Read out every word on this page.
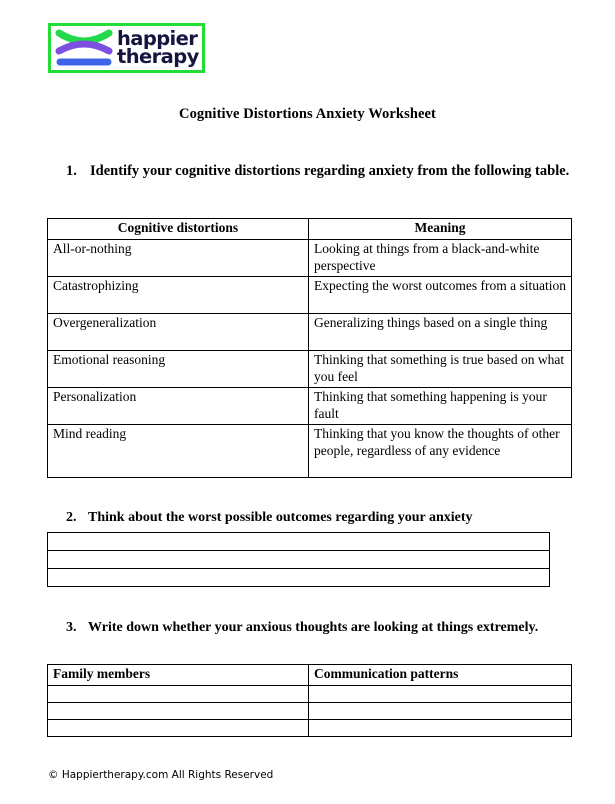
happier
therapy
Cognitive Distortions Anxiety Worksheet
1. Identify your cognitive distortions regarding anxiety from the following table.
Cognitive distortions	Meaning
All-or-nothing	Looking at things from a black-and-white perspective
Catastrophizing	Expecting the worst outcomes from a situation
Overgeneralization	Generalizing things based on a single thing
Emotional reasoning	Thinking that something is true based on what you feel
Personalization	Thinking that something happening is your fault
Mind reading	Thinking that you know the thoughts of other people, regardless of any evidence
2. Think about the worst possible outcomes regarding your anxiety

3. Write down whether your anxious thoughts are looking at things extremely.
Family members	Communication patterns

© Happiertherapy.com All Rights Reserved
